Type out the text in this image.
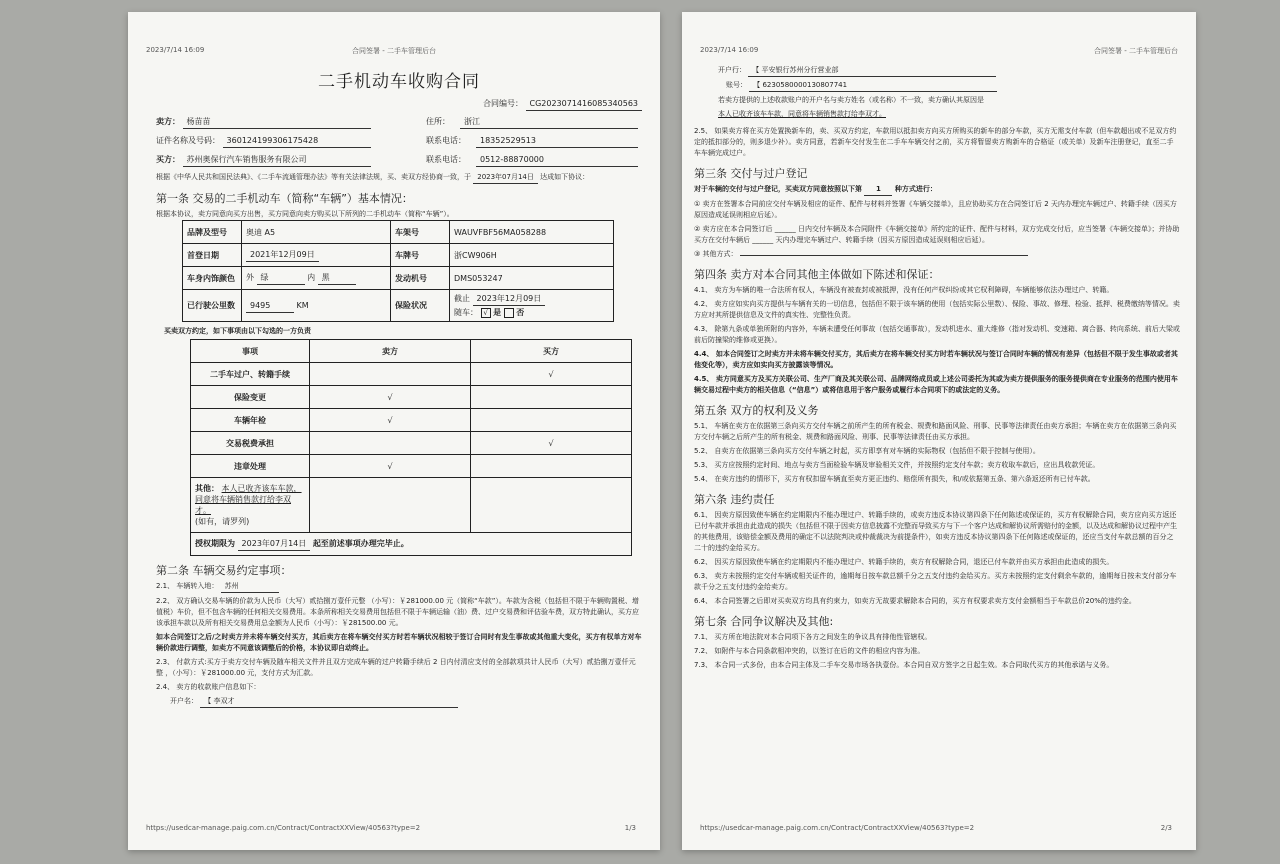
2023/7/14 16:09	合同签署 - 二手车管理后台
二手机动车收购合同
合同编号： CG2023071416085340563
卖方： 杨苗苗	住所：	浙江
证件名称及号码： 360124199306175428	联系电话：	18352529513
买方： 苏州奥保行汽车销售服务有限公司	联系电话：	0512-88870000
根据《中华人民共和国民法典》、《二手车流通管理办法》等有关法律法规，买、卖双方经协商一致，于 2023年07月14日 达成如下协议：
第一条 交易的二手机动车（简称“车辆”）基本情况：
根据本协议，卖方同意向买方出售，买方同意向卖方购买以下所列的二手机动车（简称“车辆”）。
品牌及型号	奥迪 A5	车架号	WAUVFBF56MA058288
首登日期	2021年12月09日	车牌号	浙CW906H
车身内饰颜色	外 绿 内 黑	发动机号	DMS053247
已行驶公里数	9495 KM	保险状况	截止 2023年12月09日
随车： √ 是 否
买卖双方约定，如下事项由以下勾选的一方负责
事项	卖方	买方
二手车过户、转籍手续		√
保险变更	√	
车辆年检	√	
交易税费承担		√
违章处理	√	
其他： 本人已收齐该车车款，同意将车辆销售款打给李双才。
(如有，请罗列)		
授权期限为 2023年07月14日 起至前述事项办理完毕止。		
第二条 车辆交易约定事项：
2.1、 车辆转入地： 苏州
2.2、 双方确认交易车辆的价款为人民币（大写）贰拾捌万壹仟元整 （小写）：￥281000.00 元（简称“车款”）。车款为含税（包括但不限于车辆购置税、增值税）车价，但不包含车辆的任何相关交易费用。本条所称相关交易费用包括但不限于车辆运输（油）费、过户交易费和评估验车费，双方特此确认，买方应该承担车款以及所有相关交易费用总金额为人民币（小写）：￥281500.00 元。
如本合同签订之后/之时卖方并未将车辆交付买方，其后卖方在将车辆交付买方时若车辆状况相较于签订合同时有发生事故或其他重大变化，买方有权单方对车辆价款进行调整，如卖方不同意该调整后的价格，本协议即自动终止。
2.3、 付款方式:买方于卖方交付车辆及随车相关文件并且双方完成车辆的过户转籍手续后 2 日内付清应支付的全部款项共计人民币（大写）贰拾捌万壹仟元整 ，（小写）：￥281000.00 元，支付方式为汇款。
2.4、 卖方的收款账户信息如下：
开户名： 【 李双才
https://usedcar-manage.paig.com.cn/Contract/ContractXXView/40563?type=2	1/3
2023/7/14 16:09	合同签署 - 二手车管理后台
开户行： 【 平安银行苏州分行营业部
账号： 【 6230580000130807741
若卖方提供的上述收款账户的开户名与卖方姓名（或名称）不一致，卖方确认其原因是
本人已收齐该车车款，同意将车辆销售款打给李双才。
2.5、 如果卖方将在买方处置换新车的，卖、买双方约定，车款用以抵扣卖方向买方所购买的新车的部分车款，买方无需支付车款（但车款超出或不足双方约定的抵扣部分的，则多退少补）。卖方同意，若新车交付发生在二手车车辆交付之前，买方将暂留卖方购新车的合格证（或关单）及新车注册登记，直至二手车车辆完成过户。
第三条 交付与过户登记
对于车辆的交付与过户登记，买卖双方同意按照以下第 1 种方式进行：
① 卖方在签署本合同前应交付车辆及相应的证件、配件与材料并签署《车辆交接单》，且应协助买方在合同签订后 2 天内办理完车辆过户、转籍手续（因买方原因造成延误则相应后延）。
② 卖方应在本合同签订后 ______ 日内交付车辆及本合同附件《车辆交接单》所约定的证件、配件与材料，双方完成交付后，应当签署《车辆交接单》；并协助买方在交付车辆后 ______ 天内办理完车辆过户、转籍手续（因买方原因造成延误则相应后延）。
③ 其他方式：
第四条 卖方对本合同其他主体做如下陈述和保证：
4.1、 卖方为车辆的唯一合法所有权人，车辆没有被查封或被抵押，没有任何产权纠纷或其它权利障碍，车辆能够依法办理过户、转籍。
4.2、 卖方应如实向买方提供与车辆有关的一切信息，包括但不限于该车辆的使用（包括实际公里数）、保险、事故、修理、检验、抵押、税费缴纳等情况。卖方应对其所提供信息及文件的真实性、完整性负责。
4.3、 除第九条或单独所附的内容外，车辆未遭受任何事故（包括交通事故），发动机进水、重大维修（指对发动机、变速箱、离合器、转向系统、前后大梁或前后防撞梁的维修或更换）。
4.4、 如本合同签订之时卖方并未将车辆交付买方，其后卖方在将车辆交付买方时若车辆状况与签订合同时车辆的情况有差异（包括但不限于发生事故或者其他变化等），卖方应如实向买方披露该等情况。
4.5、 卖方同意买方及买方关联公司、生产厂商及其关联公司、品牌网络成员或上述公司委托为其或为卖方提供服务的服务提供商在专业服务的范围内使用车辆交易过程中卖方的相关信息（“信息”）或将信息用于客户服务或履行本合同项下的或法定的义务。
第五条 双方的权利及义务
5.1、 车辆在卖方在依据第三条向买方交付车辆之前所产生的所有税金、规费和路面风险、刑事、民事等法律责任由卖方承担；车辆在卖方在依据第三条向买方交付车辆之后所产生的所有税金、规费和路面风险、刑事、民事等法律责任由买方承担。
5.2、 自卖方在依据第三条向买方交付车辆之时起，买方即享有对车辆的实际物权（包括但不限于控制与使用）。
5.3、 买方应按照约定时间、地点与卖方当面检验车辆及审验相关文件，并按照约定支付车款；卖方收取车款后，应出具收款凭证。
5.4、 在卖方违约的情形下，买方有权扣留车辆直至卖方更正违约、赔偿所有损失，和/或依据第五条、第六条返还所有已付车款。
第六条 违约责任
6.1、 因卖方原因致使车辆在约定期限内不能办理过户、转籍手续的，或卖方违反本协议第四条下任何陈述或保证的，买方有权解除合同，卖方应向买方返还已付车款并承担由此造成的损失（包括但不限于因卖方信息披露不完整而导致买方与下一个客户达成和解协议所需赔付的金额，以及达成和解协议过程中产生的其他费用，该赔偿金额及费用的确定不以法院判决或仲裁裁决为前提条件），如卖方违反本协议第四条下任何陈述或保证的，还应当支付车款总额的百分之二十的违约金给买方。
6.2、 因买方原因致使车辆在约定期限内不能办理过户、转籍手续的，卖方有权解除合同，退还已付车款并由买方承担由此造成的损失。
6.3、 卖方未按照约定交付车辆或相关证件的，逾期每日按车款总额千分之五支付违约金给买方。买方未按照约定支付剩余车款的，逾期每日按未支付部分车款千分之五支付违约金给卖方。
6.4、 本合同签署之后即对买卖双方均具有约束力，如卖方无故要求解除本合同的，买方有权要求卖方支付金额相当于车款总价20%的违约金。
第七条 合同争议解决及其他:
7.1、 买方所在地法院对本合同项下各方之间发生的争议具有排他性管辖权。
7.2、 如附件与本合同条款相冲突的，以签订在后的文件的相应内容为准。
7.3、 本合同一式多份，由本合同主体及二手车交易市场各执壹份。本合同自双方签字之日起生效。本合同取代买方的其他承诺与义务。
https://usedcar-manage.paig.com.cn/Contract/ContractXXView/40563?type=2	2/3
